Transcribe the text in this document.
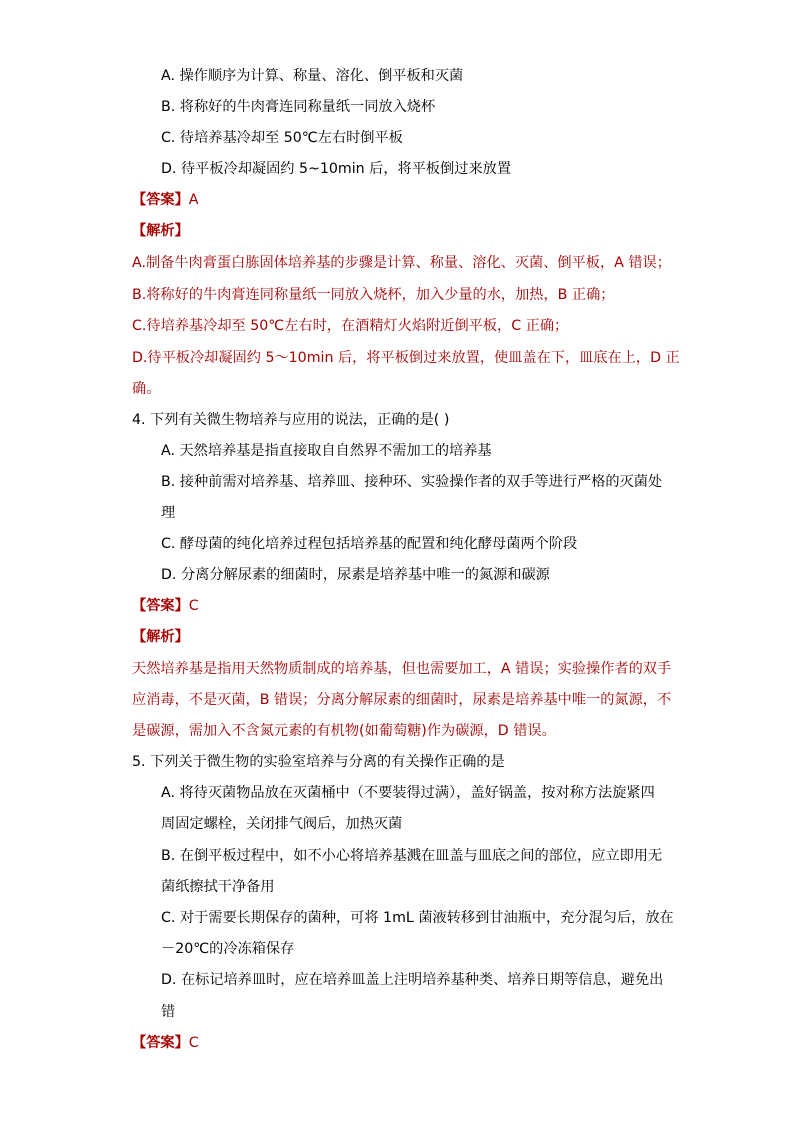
A. 操作顺序为计算、称量、溶化、倒平板和灭菌
B. 将称好的牛肉膏连同称量纸一同放入烧杯
C. 待培养基冷却至 50℃左右时倒平板
D. 待平板冷却凝固约 5~10min 后，将平板倒过来放置
【答案】A
【解析】
A.制备牛肉膏蛋白胨固体培养基的步骤是计算、称量、溶化、灭菌、倒平板，A 错误；
B.将称好的牛肉膏连同称量纸一同放入烧杯，加入少量的水，加热，B 正确；
C.待培养基冷却至 50℃左右时，在酒精灯火焰附近倒平板，C 正确；
D.待平板冷却凝固约 5～10min 后，将平板倒过来放置，使皿盖在下，皿底在上，D 正
确。
4. 下列有关微生物培养与应用的说法，正确的是( )
A. 天然培养基是指直接取自自然界不需加工的培养基
B. 接种前需对培养基、培养皿、接种环、实验操作者的双手等进行严格的灭菌处
理
C. 酵母菌的纯化培养过程包括培养基的配置和纯化酵母菌两个阶段
D. 分离分解尿素的细菌时，尿素是培养基中唯一的氮源和碳源
【答案】C
【解析】
天然培养基是指用天然物质制成的培养基，但也需要加工，A 错误；实验操作者的双手
应消毒，不是灭菌，B 错误；分离分解尿素的细菌时，尿素是培养基中唯一的氮源，不
是碳源，需加入不含氮元素的有机物(如葡萄糖)作为碳源，D 错误。
5. 下列关于微生物的实验室培养与分离的有关操作正确的是
A. 将待灭菌物品放在灭菌桶中（不要装得过满），盖好锅盖，按对称方法旋紧四
周固定螺栓，关闭排气阀后，加热灭菌
B. 在倒平板过程中，如不小心将培养基溅在皿盖与皿底之间的部位，应立即用无
菌纸擦拭干净备用
C. 对于需要长期保存的菌种，可将 1mL 菌液转移到甘油瓶中，充分混匀后，放在
－20℃的冷冻箱保存
D. 在标记培养皿时，应在培养皿盖上注明培养基种类、培养日期等信息，避免出
错
【答案】C
